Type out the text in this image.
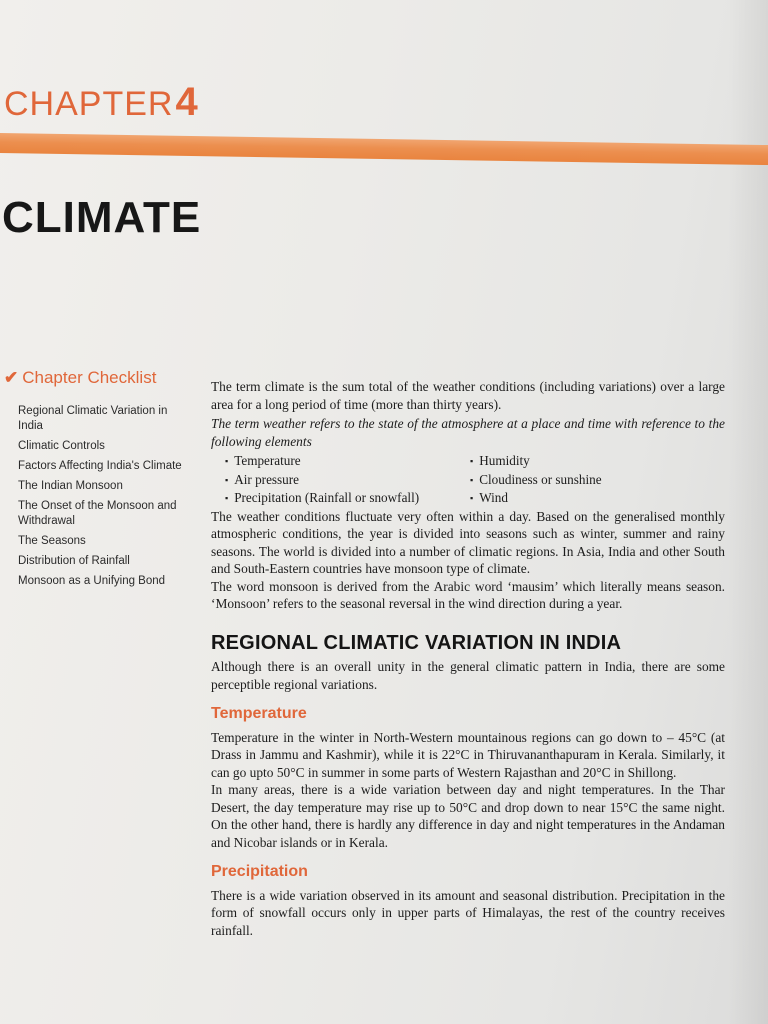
CHAPTER4
CLIMATE
✔ Chapter Checklist
Regional Climatic Variation in India
Climatic Controls
Factors Affecting India's Climate
The Indian Monsoon
The Onset of the Monsoon and Withdrawal
The Seasons
Distribution of Rainfall
Monsoon as a Unifying Bond

The term climate is the sum total of the weather conditions (including variations) over a large area for a long period of time (more than thirty years).

The term weather refers to the state of the atmosphere at a place and time with reference to the following elements

▪ Temperature	▪ Humidity
▪ Air pressure	▪ Cloudiness or sunshine
▪ Precipitation (Rainfall or snowfall)	▪ Wind

The weather conditions fluctuate very often within a day. Based on the generalised monthly atmospheric conditions, the year is divided into seasons such as winter, summer and rainy seasons. The world is divided into a number of climatic regions. In Asia, India and other South and South-Eastern countries have monsoon type of climate.

The word monsoon is derived from the Arabic word ‘mausim’ which literally means season. ‘Monsoon’ refers to the seasonal reversal in the wind direction during a year.

REGIONAL CLIMATIC VARIATION IN INDIA

Although there is an overall unity in the general climatic pattern in India, there are some perceptible regional variations.

Temperature

Temperature in the winter in North-Western mountainous regions can go down to – 45°C (at Drass in Jammu and Kashmir), while it is 22°C in Thiruvananthapuram in Kerala. Similarly, it can go upto 50°C in summer in some parts of Western Rajasthan and 20°C in Shillong.

In many areas, there is a wide variation between day and night temperatures. In the Thar Desert, the day temperature may rise up to 50°C and drop down to near 15°C the same night. On the other hand, there is hardly any difference in day and night temperatures in the Andaman and Nicobar islands or in Kerala.

Precipitation

There is a wide variation observed in its amount and seasonal distribution. Precipitation in the form of snowfall occurs only in upper parts of Himalayas, the rest of the country receives rainfall.
